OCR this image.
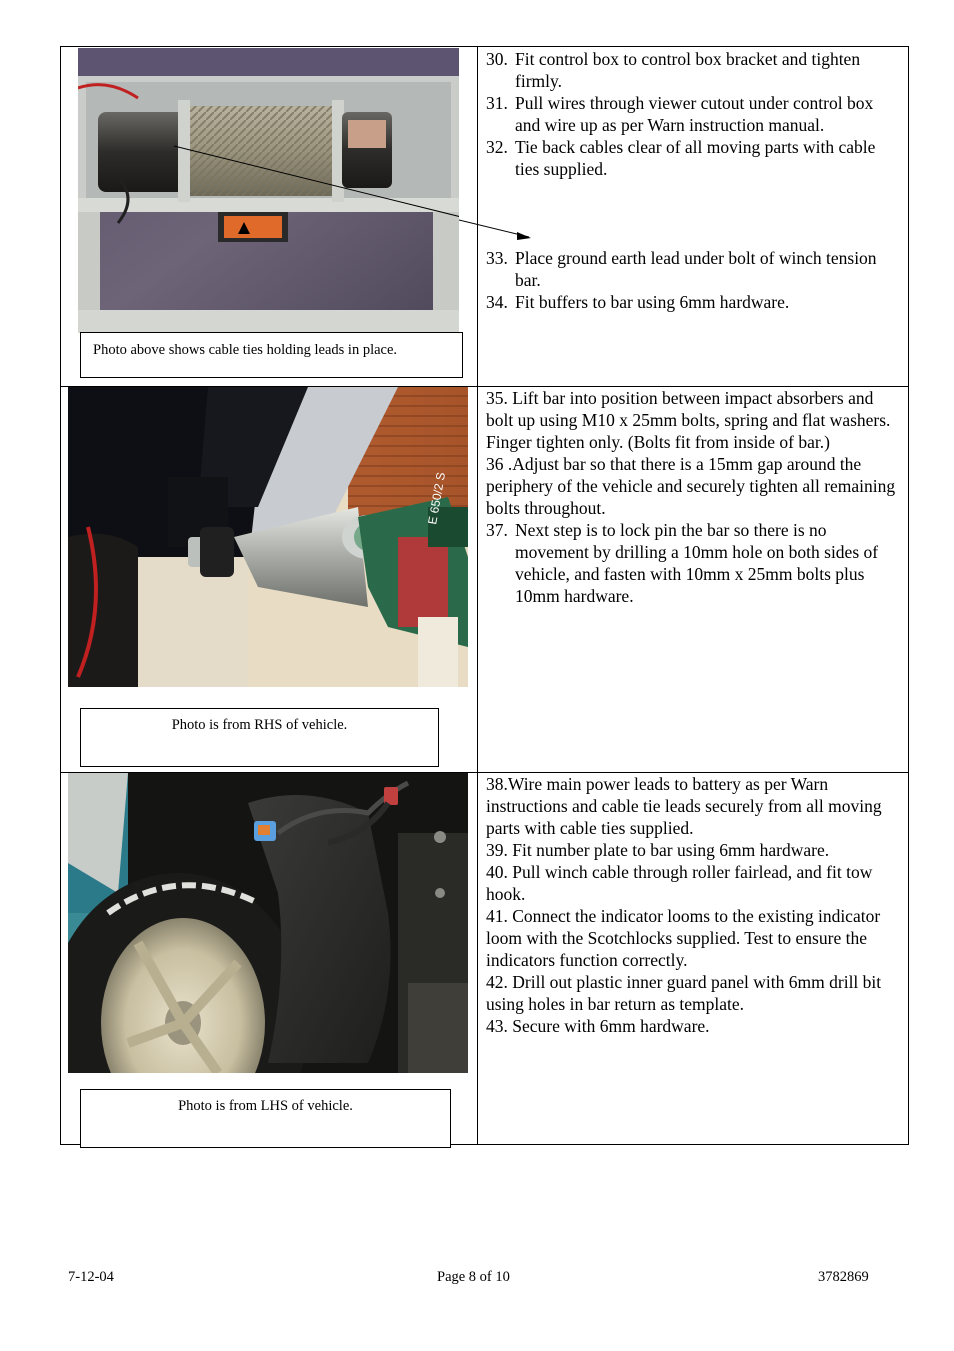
Photo above shows cable ties holding leads in place.
30. Fit control box to control box bracket and tighten firmly.
31. Pull wires through viewer cutout under control box and wire up as per Warn instruction manual.
32. Tie back cables clear of all moving parts with cable ties supplied.
33. Place ground earth lead under bolt of winch tension bar.
34. Fit buffers to bar using 6mm hardware.
E 650/2 S
Photo is from RHS of vehicle.
35. Lift bar into position between impact absorbers and bolt up using M10 x 25mm bolts, spring and flat washers. Finger tighten only. (Bolts fit from inside of bar.)
36 .Adjust bar so that there is a 15mm gap around the periphery of the vehicle and securely tighten all remaining bolts throughout.
37. Next step is to lock pin the bar so there is no movement by drilling a 10mm hole on both sides of vehicle, and fasten with 10mm x 25mm bolts plus 10mm hardware.
Photo is from LHS of vehicle.
38.Wire main power leads to battery as per Warn instructions and cable tie leads securely from all moving parts with cable ties supplied.
39. Fit number plate to bar using 6mm hardware.
40. Pull winch cable through roller fairlead, and fit tow hook.
41. Connect the indicator looms to the existing indicator loom with the Scotchlocks supplied. Test to ensure the indicators function correctly.
42. Drill out plastic inner guard panel with 6mm drill bit using holes in bar return as template.
43. Secure with 6mm hardware.
7-12-04	Page 8 of 10	3782869
